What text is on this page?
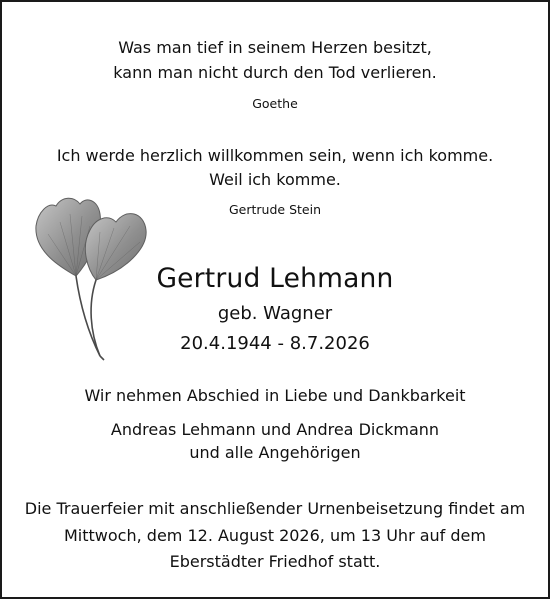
Was man tief in seinem Herzen besitzt,
kann man nicht durch den Tod verlieren.
Goethe
Ich werde herzlich willkommen sein, wenn ich komme.
Weil ich komme.
Gertrude Stein
Gertrud Lehmann
geb. Wagner
20.4.1944 - 8.7.2026
Wir nehmen Abschied in Liebe und Dankbarkeit
Andreas Lehmann und Andrea Dickmann
und alle Angehörigen
Die Trauerfeier mit anschließender Urnenbeisetzung findet am
Mittwoch, dem 12. August 2026, um 13 Uhr auf dem
Eberstädter Friedhof statt.
